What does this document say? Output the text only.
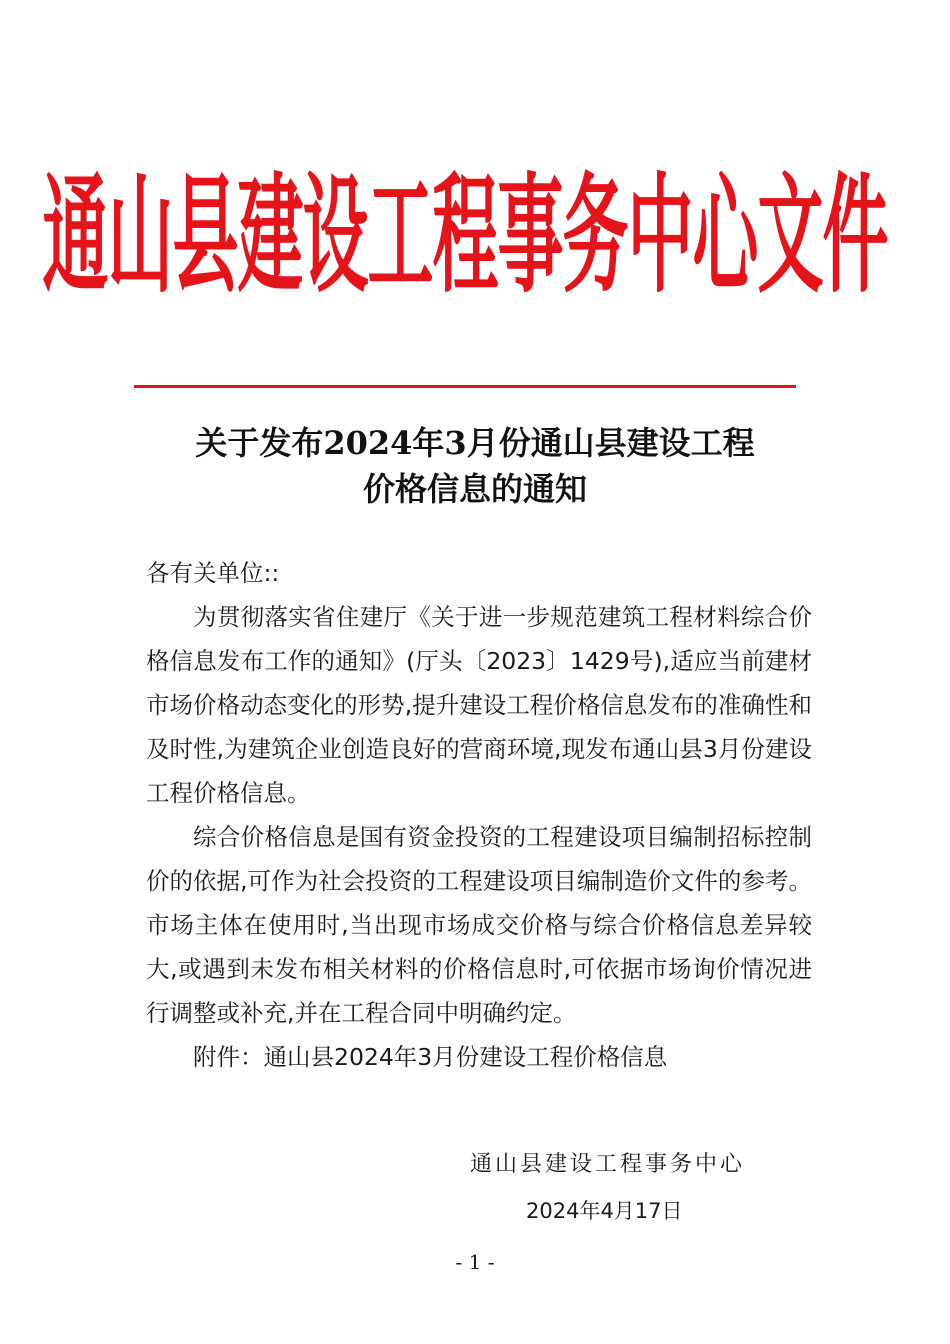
通山县建设工程事务中心文件
关于发布2024年3月份通山县建设工程
价格信息的通知

各有关单位::

为贯彻落实省住建厅《关于进一步规范建筑工程材料综合价格信息发布工作的通知》(厅头〔2023〕1429号),适应当前建材市场价格动态变化的形势,提升建设工程价格信息发布的准确性和及时性,为建筑企业创造良好的营商环境,现发布通山县3月份建设工程价格信息。

综合价格信息是国有资金投资的工程建设项目编制招标控制价的依据,可作为社会投资的工程建设项目编制造价文件的参考。市场主体在使用时,当出现市场成交价格与综合价格信息差异较大,或遇到未发布相关材料的价格信息时,可依据市场询价情况进行调整或补充,并在工程合同中明确约定。

附件：通山县2024年3月份建设工程价格信息

通山县建设工程事务中心
2024年4月17日
- 1 -
